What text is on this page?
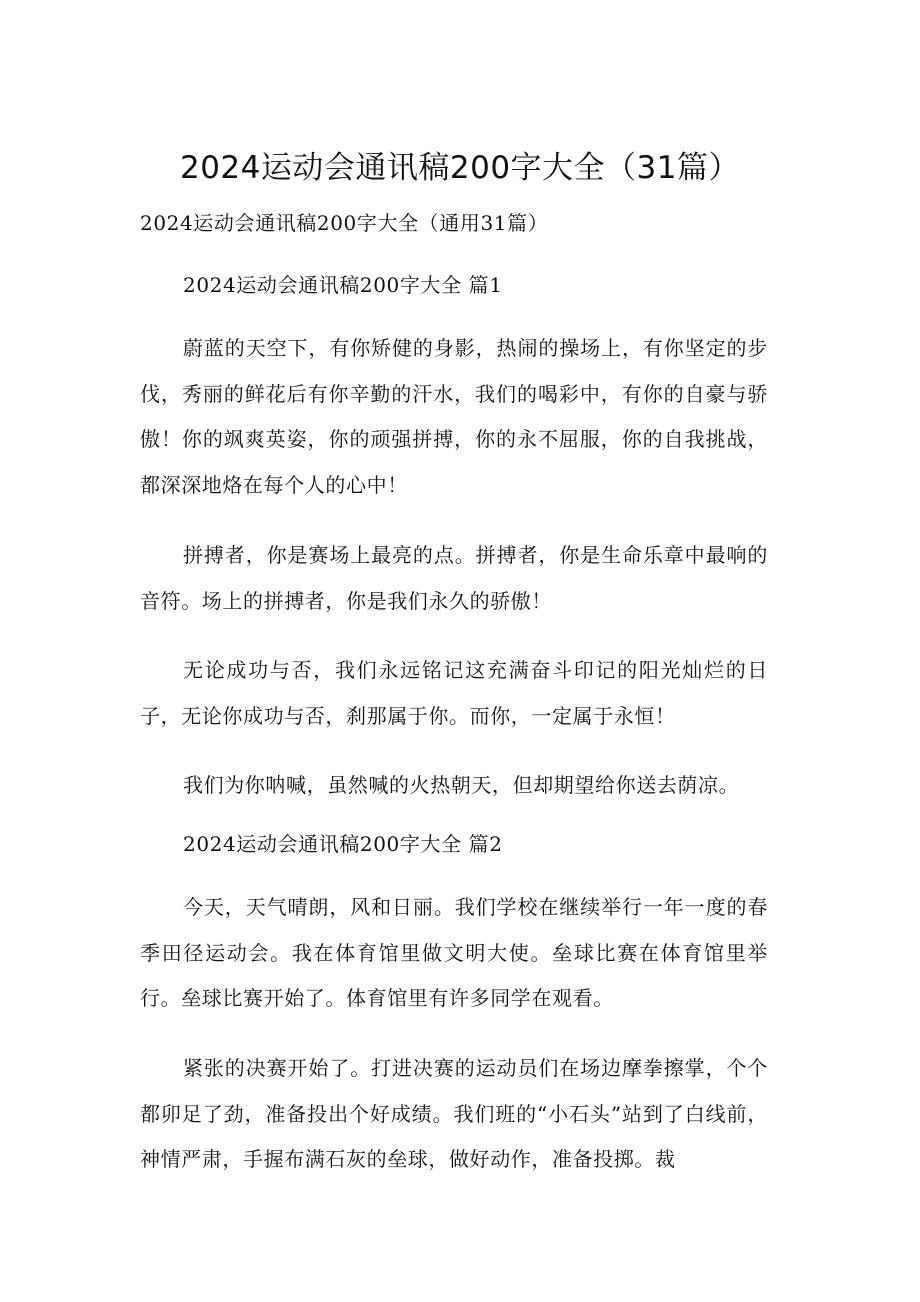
2024运动会通讯稿200字大全（31篇）
2024运动会通讯稿200字大全（通用31篇）
2024运动会通讯稿200字大全 篇1

蔚蓝的天空下，有你矫健的身影，热闹的操场上，有你坚定的步伐，秀丽的鲜花后有你辛勤的汗水，我们的喝彩中，有你的自豪与骄傲！你的飒爽英姿，你的顽强拼搏，你的永不屈服，你的自我挑战，都深深地烙在每个人的心中！

拼搏者，你是赛场上最亮的点。拼搏者，你是生命乐章中最响的音符。场上的拼搏者，你是我们永久的骄傲！

无论成功与否，我们永远铭记这充满奋斗印记的阳光灿烂的日子，无论你成功与否，刹那属于你。而你，一定属于永恒！

我们为你呐喊，虽然喊的火热朝天，但却期望给你送去荫凉。

2024运动会通讯稿200字大全 篇2

今天，天气晴朗，风和日丽。我们学校在继续举行一年一度的春季田径运动会。我在体育馆里做文明大使。垒球比赛在体育馆里举行。垒球比赛开始了。体育馆里有许多同学在观看。

紧张的决赛开始了。打进决赛的运动员们在场边摩拳擦掌，个个都卯足了劲，准备投出个好成绩。我们班的“小石头”站到了白线前，神情严肃，手握布满石灰的垒球，做好动作，准备投掷。裁
